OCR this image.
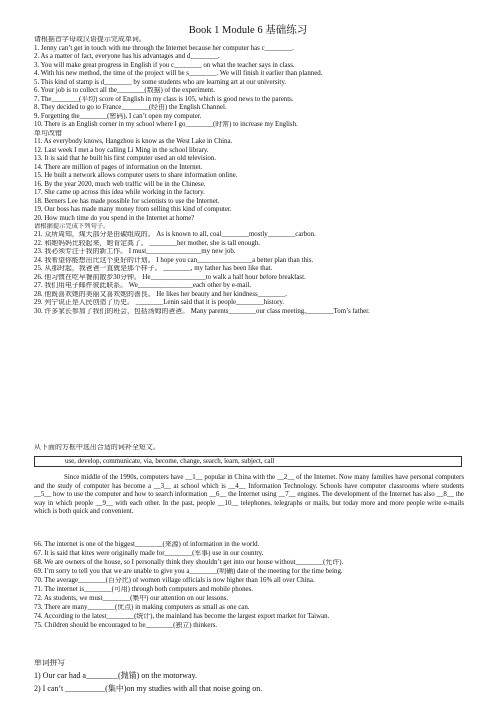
Book 1 Module 6 基础练习
请根据首字母或汉语提示完成单词。
1. Jenny can’t get in touch with me through the Internet because her computer has c________.
2. As a matter of fact, everyone has his advantages and d________.
3. You will make great progress in English if you c________ on what the teacher says in class.
4. With his new method, the time of the project will be s________. We will finish it earlier than planned.
5. This kind of stamp is d________ by some students who are learning art at our university.
6. Your job is to collect all the________(数据) of the experiment.
7. The________(平均) score of English in my class is 105, which is good news to the parents.
8. They decided to go to France________(经由) the English Channel.
9. Forgetting the________(密码), I can’t open my computer.
10. There is an English corner in my school where I go________(时常) to increase my English.
单句改错
11. As everybody knows, Hangzhou is know as the West Lake in China.
12. Last week I met a boy calling Li Ming in the school library.
13. It is said that he built his first computer used an old television.
14. There are million of pages of information on the Internet.
15. He built a network allows computer users to share information online.
16. By the year 2020, much web traffic will be in the Chinese.
17. She came up across this idea while working in the factory.
18. Berners Lee has made possible for scientists to use the Internet.
19. Our boss has made many money from selling this kind of computer.
20. How much time do you spend in the Internet at home?
请根据提示完成下列句子。
21. 众所周知，煤大部分是由碳组成的。 As is known to all, coal________mostly________carbon.
22. 和她妈妈比较起来，她肯定高了。 ________her mother, she is tall enough.
23. 我必须专注于我的新工作。 I must________________my new job.
24. 我希望你能想出比这个更好的计划。 I hope you can________________a better plan than this.
25. 从那时起，我爸爸一直就是那个样子。 ________, my father has been like that.
26. 他习惯在吃早餐前散步30分钟。 He________________to walk a half hour before breakfast.
27. 我们用电子邮件彼此联系。 We________________each other by e-mail.
28. 他既喜欢她的美丽又喜欢她的善良。 He likes her beauty and her kindness________.
29. 列宁说正是人民创造了历史。 ________Lenin said that it is people________history.
30. 许多家长参加了我们的班会，包括汤姆的爸爸。 Many parents________our class meeting,________Tom’s father.
从下面的方框中选出合适的词补全短文。
use, develop, communicate, via, become, change, search, learn, subject, call
Since middle of the 1990s, computers have __1__ popular in China with the __2__ of the Internet. Now many families have personal computers and the study of computer has become a __3__ at school which is __4__ Information Technology. Schools have computer classrooms where students __5__ how to use the computer and how to search information __6__ the Internet using __7__ engines. The development of the Internet has also __8__ the way in which people __9__ with each other. In the past, people __10__ telephones, telegraphs or mails, but today more and more people write e-mails which is both quick and convenient.
66. The internet is one of the biggest________(来源) of information in the world.
67. It is said that kites were originally made for________(军事) use in our country.
68. We are owners of the house, so I personally think they shouldn’t get into our house without________(允许).
69. I’m sorry to tell you that we are unable to give you a________(明确) date of the meeting for the time being.
70. The average________(百分比) of women village officials is now higher than 16% all over China.
71. The internet is________(可用) through both computers and mobile phones.
72. As students, we must________(集中) our attention on our lessons.
73. There are many________(优点) in making computers as small as one can.
74. According to the latest________(统计), the mainland has become the largest export market for Taiwan.
75. Children should be encouraged to be________(独立) thinkers.
单词拼写
1) Our car had a________(抛锚) on the motorway.
2) I can’t __________(集中)on my studies with all that noise going on.
